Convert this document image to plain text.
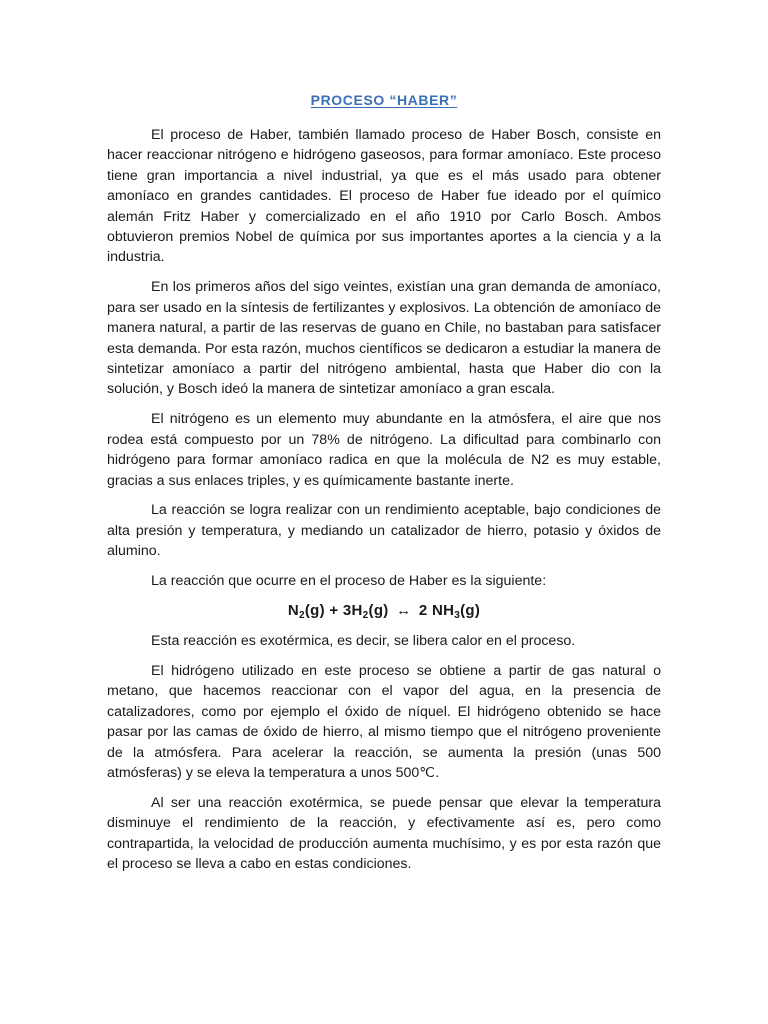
PROCESO “HABER”

El proceso de Haber, también llamado proceso de Haber Bosch, consiste en hacer reaccionar nitrógeno e hidrógeno gaseosos, para formar amoníaco. Este proceso tiene gran importancia a nivel industrial, ya que es el más usado para obtener amoníaco en grandes cantidades. El proceso de Haber fue ideado por el químico alemán Fritz Haber y comercializado en el año 1910 por Carlo Bosch. Ambos obtuvieron premios Nobel de química por sus importantes aportes a la ciencia y a la industria.

En los primeros años del sigo veintes, existían una gran demanda de amoníaco, para ser usado en la síntesis de fertilizantes y explosivos. La obtención de amoníaco de manera natural, a partir de las reservas de guano en Chile, no bastaban para satisfacer esta demanda. Por esta razón, muchos científicos se dedicaron a estudiar la manera de sintetizar amoníaco a partir del nitrógeno ambiental, hasta que Haber dio con la solución, y Bosch ideó la manera de sintetizar amoníaco a gran escala.

El nitrógeno es un elemento muy abundante en la atmósfera, el aire que nos rodea está compuesto por un 78% de nitrógeno. La dificultad para combinarlo con hidrógeno para formar amoníaco radica en que la molécula de N2 es muy estable, gracias a sus enlaces triples, y es químicamente bastante inerte.

La reacción se logra realizar con un rendimiento aceptable, bajo condiciones de alta presión y temperatura, y mediando un catalizador de hierro, potasio y óxidos de alumino.

La reacción que ocurre en el proceso de Haber es la siguiente:

$N_2(g) + 3H_2(g)$ ↔ 2 $NH_3(g)$

Esta reacción es exotérmica, es decir, se libera calor en el proceso.

El hidrógeno utilizado en este proceso se obtiene a partir de gas natural o metano, que hacemos reaccionar con el vapor del agua, en la presencia de catalizadores, como por ejemplo el óxido de níquel. El hidrógeno obtenido se hace pasar por las camas de óxido de hierro, al mismo tiempo que el nitrógeno proveniente de la atmósfera. Para acelerar la reacción, se aumenta la presión (unas 500 atmósferas) y se eleva la temperatura a unos 500℃.

Al ser una reacción exotérmica, se puede pensar que elevar la temperatura disminuye el rendimiento de la reacción, y efectivamente así es, pero como contrapartida, la velocidad de producción aumenta muchísimo, y es por esta razón que el proceso se lleva a cabo en estas condiciones.
